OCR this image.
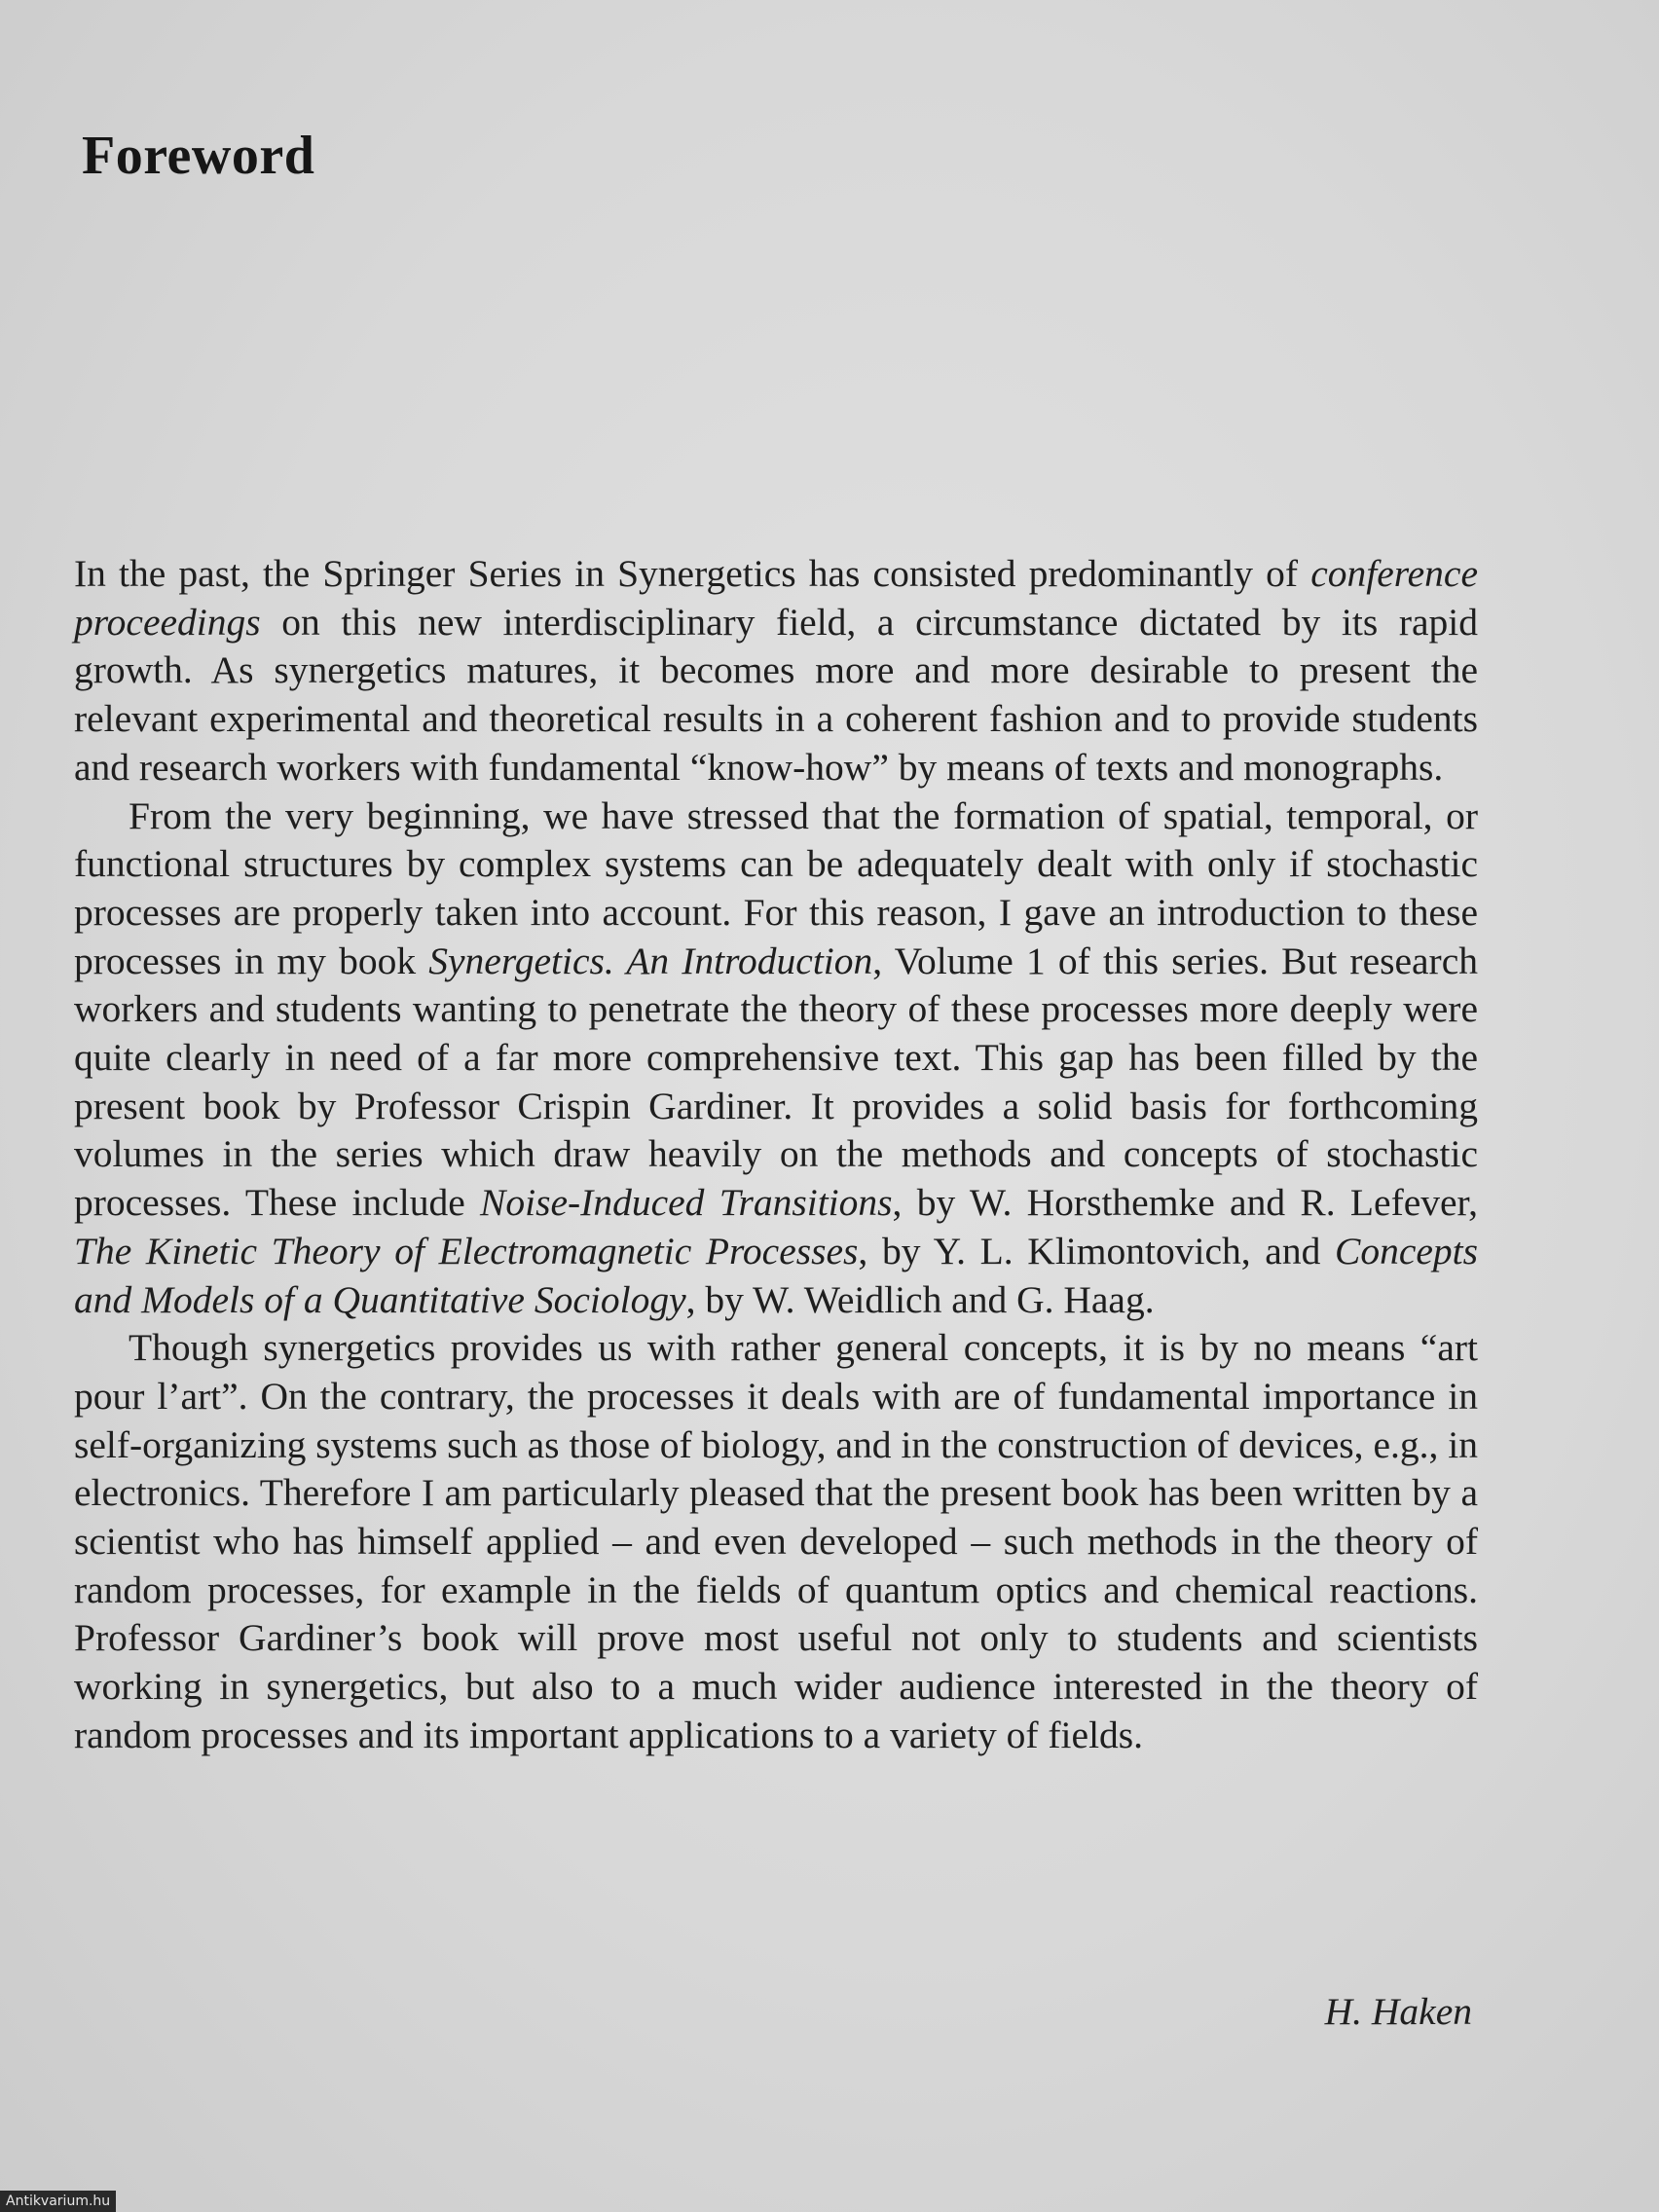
Foreword

In the past, the Springer Series in Synergetics has consisted predominantly of conference proceedings on this new interdisciplinary field, a circumstance dictated by its rapid growth. As synergetics matures, it becomes more and more desirable to present the relevant experimental and theoretical results in a coherent fashion and to provide students and research workers with fundamental “know-how” by means of texts and monographs.

From the very beginning, we have stressed that the formation of spatial, temporal, or functional structures by complex systems can be adequately dealt with only if stochastic processes are properly taken into account. For this reason, I gave an introduction to these processes in my book Synergetics. An Introduction, Volume 1 of this series. But research workers and students wanting to penetrate the theory of these processes more deeply were quite clearly in need of a far more comprehensive text. This gap has been filled by the present book by Professor Crispin Gardiner. It provides a solid basis for forthcoming volumes in the series which draw heavily on the methods and concepts of stochastic processes. These include Noise-Induced Transitions, by W. Horsthemke and R. Lefever, The Kinetic Theory of Electromagnetic Processes, by Y. L. Klimontovich, and Concepts and Models of a Quantitative Sociology, by W. Weidlich and G. Haag.

Though synergetics provides us with rather general concepts, it is by no means “art pour l’art”. On the contrary, the processes it deals with are of fundamental importance in self-organizing systems such as those of biology, and in the construction of devices, e.g., in electronics. Therefore I am particularly pleased that the present book has been written by a scientist who has himself applied – and even developed – such methods in the theory of random processes, for example in the fields of quantum optics and chemical reactions. Professor Gardiner’s book will prove most useful not only to students and scientists working in synergetics, but also to a much wider audience interested in the theory of random processes and its important applications to a variety of fields.

H. Haken

Antikvarium.hu
